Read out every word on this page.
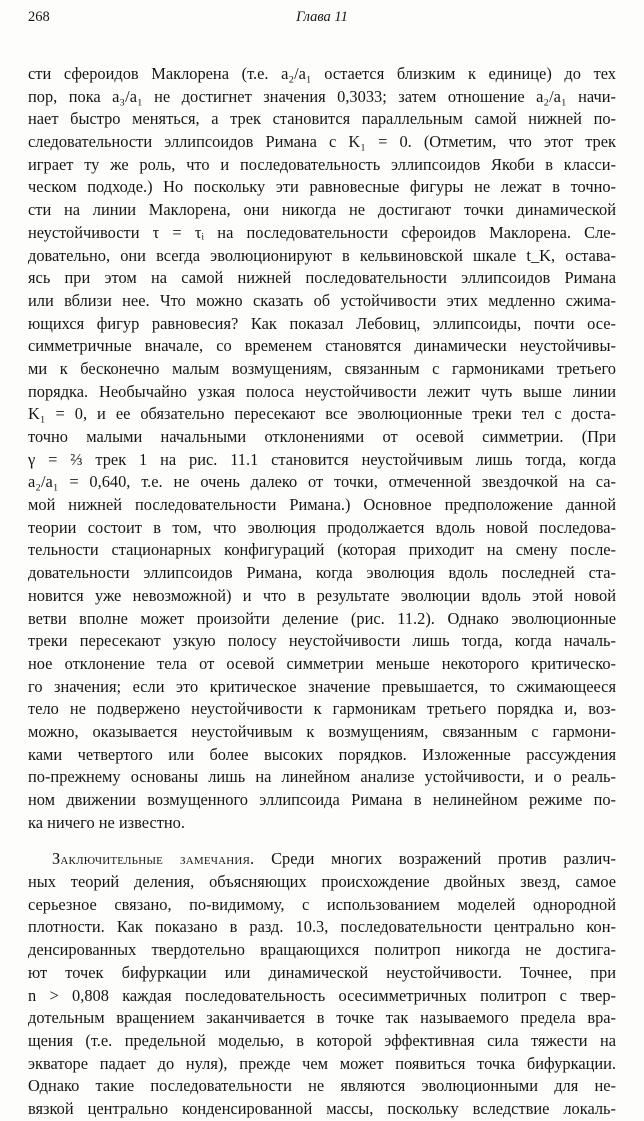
268	Глава 11

сти сфероидов Маклорена (т.е. a₂/a₁ остается близким к единице) до тех
пор, пока a₃/a₁ не достигнет значения 0,3033; затем отношение a₂/a₁ начи-
нает быстро меняться, а трек становится параллельным самой нижней по-
следовательности эллипсоидов Римана с K₁ = 0. (Отметим, что этот трек
играет ту же роль, что и последовательность эллипсоидов Якоби в класси-
ческом подходе.) Но поскольку эти равновесные фигуры не лежат в точно-
сти на линии Маклорена, они никогда не достигают точки динамической
неустойчивости τ = τᵢ на последовательности сфероидов Маклорена. Сле-
довательно, они всегда эволюционируют в кельвиновской шкале t_K, остава-
ясь при этом на самой нижней последовательности эллипсоидов Римана
или вблизи нее. Что можно сказать об устойчивости этих медленно сжима-
ющихся фигур равновесия? Как показал Лебовиц, эллипсоиды, почти осе-
симметричные вначале, со временем становятся динамически неустойчивы-
ми к бесконечно малым возмущениям, связанным с гармониками третьего
порядка. Необычайно узкая полоса неустойчивости лежит чуть выше линии
K₁ = 0, и ее обязательно пересекают все эволюционные треки тел с доста-
точно малыми начальными отклонениями от осевой симметрии. (При
γ = ⅔ трек 1 на рис. 11.1 становится неустойчивым лишь тогда, когда
a₂/a₁ = 0,640, т.е. не очень далеко от точки, отмеченной звездочкой на са-
мой нижней последовательности Римана.) Основное предположение данной
теории состоит в том, что эволюция продолжается вдоль новой последова-
тельности стационарных конфигураций (которая приходит на смену после-
довательности эллипсоидов Римана, когда эволюция вдоль последней ста-
новится уже невозможной) и что в результате эволюции вдоль этой новой
ветви вполне может произойти деление (рис. 11.2). Однако эволюционные
треки пересекают узкую полосу неустойчивости лишь тогда, когда началь-
ное отклонение тела от осевой симметрии меньше некоторого критическо-
го значения; если это критическое значение превышается, то сжимающееся
тело не подвержено неустойчивости к гармоникам третьего порядка и, воз-
можно, оказывается неустойчивым к возмущениям, связанным с гармони-
ками четвертого или более высоких порядков. Изложенные рассуждения
по-прежнему основаны лишь на линейном анализе устойчивости, и о реаль-
ном движении возмущенного эллипсоида Римана в нелинейном режиме по-
ка ничего не известно.

Заключительные замечания. Среди многих возражений против различ-
ных теорий деления, объясняющих происхождение двойных звезд, самое
серьезное связано, по-видимому, с использованием моделей однородной
плотности. Как показано в разд. 10.3, последовательности центрально кон-
денсированных твердотельно вращающихся политроп никогда не достига-
ют точек бифуркации или динамической неустойчивости. Точнее, при
n > 0,808 каждая последовательность осесимметричных политроп с твер-
дотельным вращением заканчивается в точке так называемого предела вра-
щения (т.е. предельной моделью, в которой эффективная сила тяжести на
экваторе падает до нуля), прежде чем может появиться точка бифуркации.
Однако такие последовательности не являются эволюционными для не-
вязкой центрально конденсированной массы, поскольку вследствие локаль-
